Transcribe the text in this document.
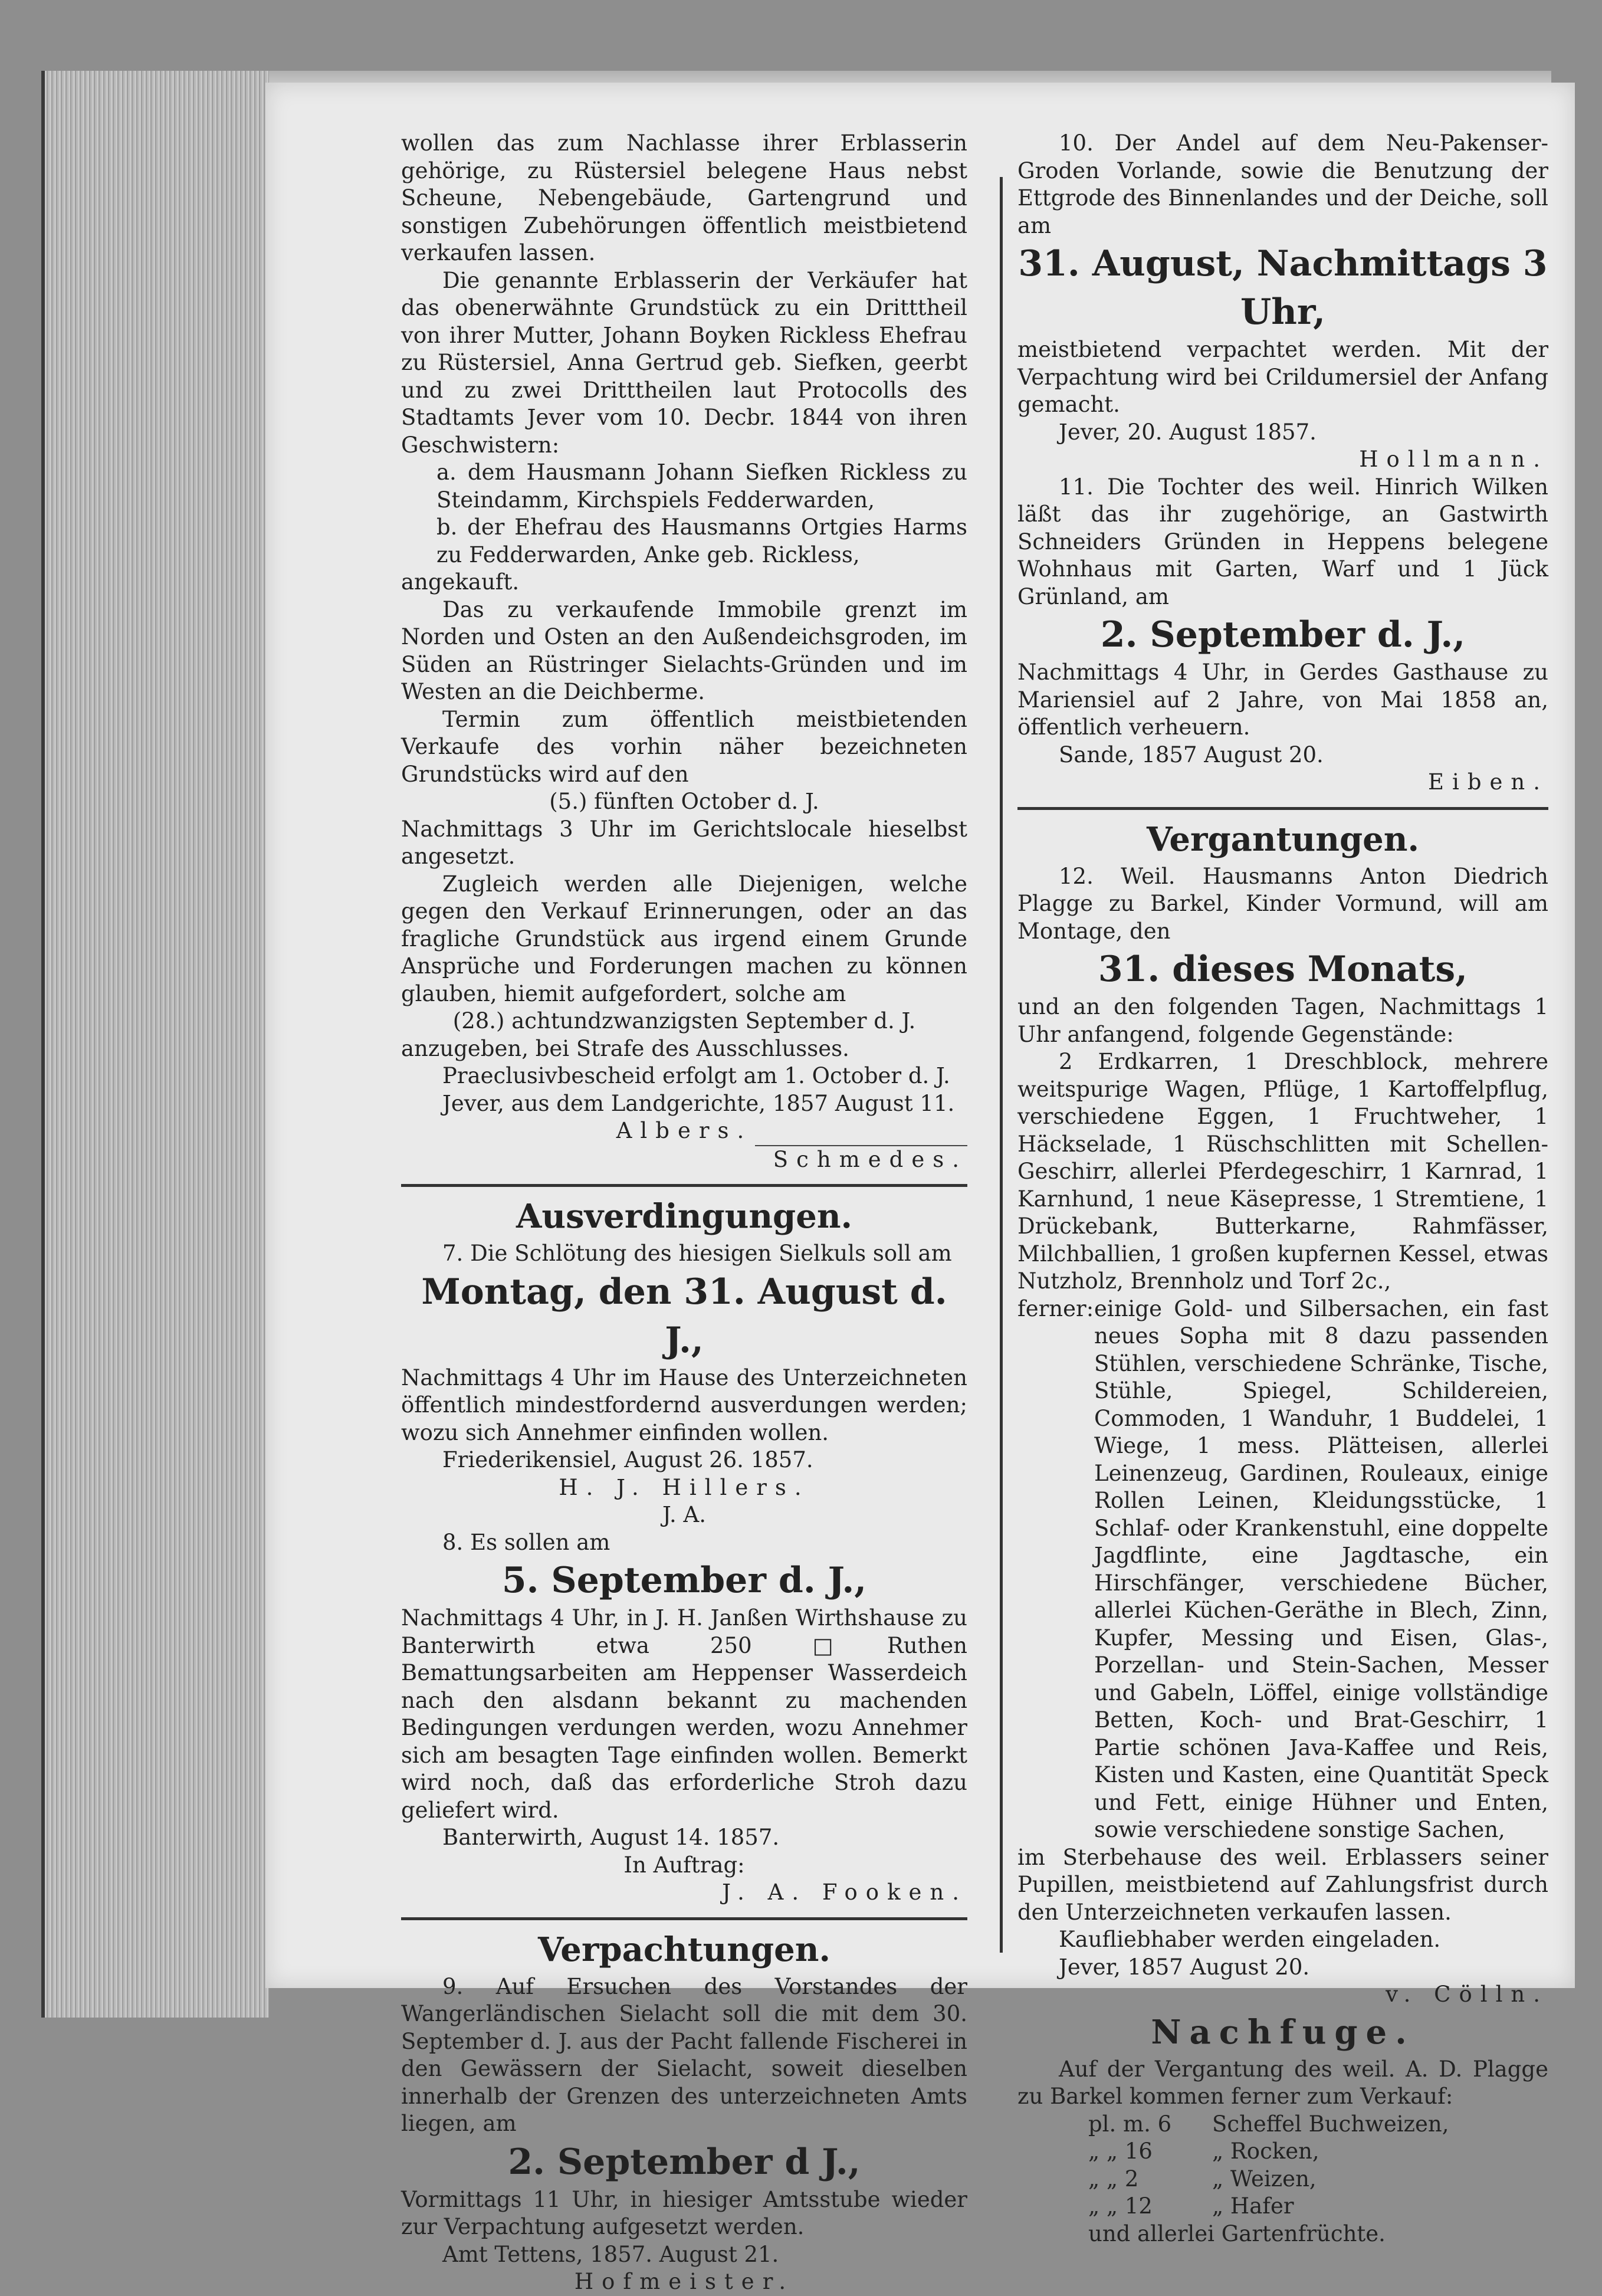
wollen das zum Nachlasse ihrer Erblasserin gehörige, zu Rüstersiel belegene Haus nebst Scheune, Nebengebäude, Gartengrund und sonstigen Zubehörungen öffentlich meistbietend verkaufen lassen.

Die genannte Erblasserin der Verkäufer hat das obenerwähnte Grundstück zu ein Dritttheil von ihrer Mutter, Johann Boyken Rickless Ehefrau zu Rüstersiel, Anna Gertrud geb. Siefken, geerbt und zu zwei Dritttheilen laut Protocolls des Stadtamts Jever vom 10. Decbr. 1844 von ihren Geschwistern:

a. dem Hausmann Johann Siefken Rickless zu Steindamm, Kirchspiels Fedderwarden,

b. der Ehefrau des Hausmanns Ortgies Harms zu Fedderwarden, Anke geb. Rickless,

angekauft.

Das zu verkaufende Immobile grenzt im Norden und Osten an den Außendeichsgroden, im Süden an Rüstringer Sielachts-Gründen und im Westen an die Deichberme.

Termin zum öffentlich meistbietenden Verkaufe des vorhin näher bezeichneten Grundstücks wird auf den

(5.) fünften October d. J.

Nachmittags 3 Uhr im Gerichtslocale hieselbst angesetzt.

Zugleich werden alle Diejenigen, welche gegen den Verkauf Erinnerungen, oder an das fragliche Grundstück aus irgend einem Grunde Ansprüche und Forderungen machen zu können glauben, hiemit aufgefordert, solche am

(28.) achtundzwanzigsten September d. J.

anzugeben, bei Strafe des Ausschlusses.

Praeclusivbescheid erfolgt am 1. October d. J.

Jever, aus dem Landgerichte, 1857 August 11.

Albers.

Schmedes.

Ausverdingungen.

7. Die Schlötung des hiesigen Sielkuls soll am

Montag, den 31. August d. J.,

Nachmittags 4 Uhr im Hause des Unterzeichneten öffentlich mindestfordernd ausverdungen werden; wozu sich Annehmer einfinden wollen.

Friederikensiel, August 26. 1857.

H. J. Hillers.

J. A.

8. Es sollen am

5. September d. J.,

Nachmittags 4 Uhr, in J. H. Janßen Wirthshause zu Banterwirth etwa 250 □Ruthen Bemattungsarbeiten am Heppenser Wasserdeich nach den alsdann bekannt zu machenden Bedingungen verdungen werden, wozu Annehmer sich am besagten Tage einfinden wollen. Bemerkt wird noch, daß das erforderliche Stroh dazu geliefert wird.

Banterwirth, August 14. 1857.

In Auftrag:

J. A. Fooken.

Verpachtungen.

9. Auf Ersuchen des Vorstandes der Wangerländischen Sielacht soll die mit dem 30. September d. J. aus der Pacht fallende Fischerei in den Gewässern der Sielacht, soweit dieselben innerhalb der Grenzen des unterzeichneten Amts liegen, am

2. September d J.,

Vormittags 11 Uhr, in hiesiger Amtsstube wieder zur Verpachtung aufgesetzt werden.

Amt Tettens, 1857. August 21.

Hofmeister.

10. Der Andel auf dem Neu-Pakenser-Groden Vorlande, sowie die Benutzung der Ettgrode des Binnenlandes und der Deiche, soll am

31. August, Nachmittags 3 Uhr,

meistbietend verpachtet werden. Mit der Verpachtung wird bei Crildumersiel der Anfang gemacht.

Jever, 20. August 1857.

Hollmann.

11. Die Tochter des weil. Hinrich Wilken läßt das ihr zugehörige, an Gastwirth Schneiders Gründen in Heppens belegene Wohnhaus mit Garten, Warf und 1 Jück Grünland, am

2. September d. J.,

Nachmittags 4 Uhr, in Gerdes Gasthause zu Mariensiel auf 2 Jahre, von Mai 1858 an, öffentlich verheuern.

Sande, 1857 August 20.

Eiben.

Vergantungen.

12. Weil. Hausmanns Anton Diedrich Plagge zu Barkel, Kinder Vormund, will am Montage, den

31. dieses Monats,

und an den folgenden Tagen, Nachmittags 1 Uhr anfangend, folgende Gegenstände:

2 Erdkarren, 1 Dreschblock, mehrere weitspurige Wagen, Pflüge, 1 Kartoffelpflug, verschiedene Eggen, 1 Fruchtweher, 1 Häckselade, 1 Rüschschlitten mit Schellen-Geschirr, allerlei Pferdegeschirr, 1 Karnrad, 1 Karnhund, 1 neue Käsepresse, 1 Stremtiene, 1 Drückebank, Butterkarne, Rahmfässer, Milchballien, 1 großen kupfernen Kessel, etwas Nutzholz, Brennholz und Torf 2c.,

ferner: einige Gold- und Silbersachen, ein fast neues Sopha mit 8 dazu passenden Stühlen, verschiedene Schränke, Tische, Stühle, Spiegel, Schildereien, Commoden, 1 Wanduhr, 1 Buddelei, 1 Wiege, 1 mess. Plätteisen, allerlei Leinenzeug, Gardinen, Rouleaux, einige Rollen Leinen, Kleidungsstücke, 1 Schlaf- oder Krankenstuhl, eine doppelte Jagdflinte, eine Jagdtasche, ein Hirschfänger, verschiedene Bücher, allerlei Küchen-Geräthe in Blech, Zinn, Kupfer, Messing und Eisen, Glas-, Porzellan- und Stein-Sachen, Messer und Gabeln, Löffel, einige vollständige Betten, Koch- und Brat-Geschirr, 1 Partie schönen Java-Kaffee und Reis, Kisten und Kasten, eine Quantität Speck und Fett, einige Hühner und Enten, sowie verschiedene sonstige Sachen,

im Sterbehause des weil. Erblassers seiner Pupillen, meistbietend auf Zahlungsfrist durch den Unterzeichneten verkaufen lassen.

Kaufliebhaber werden eingeladen.

Jever, 1857 August 20.

v. Cölln.

Nachfuge.

Auf der Vergantung des weil. A. D. Plagge zu Barkel kommen ferner zum Verkauf:

pl. m. 6	Scheffel Buchweizen,
„ „ 16	„ Rocken,
„ „ 2	„ Weizen,
„ „ 12	„ Hafer
und allerlei Gartenfrüchte.
